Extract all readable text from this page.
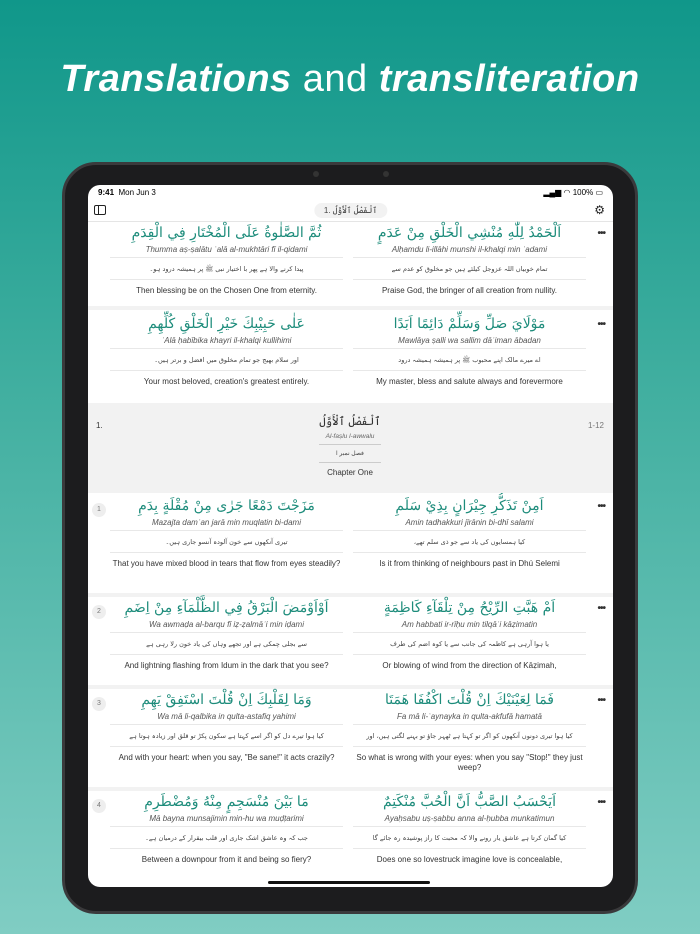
Translations and transliteration
9:41 Mon Jun 3	▂▄▆ ◠ 100% ▭
ٱلْفَصْلُ ٱلْأَوَّلُ .1	⚙
ثُمَّ الصَّلٰوةُ عَلَى الْمُخْتَارِ فِي الْقِدَمِ
Thumma aṣ-ṣalātu ʿalā al-mukhtāri fī il-qidami
پیدا کرنے والا ہے پھر با اختیار نبی ﷺ پر ہمیشہ درود ہو۔
Then blessing be on the Chosen One from eternity.
اَلْحَمْدُ لِلّٰهِ مُنْشِي الْخَلْقِ مِنْ عَدَمٍ
Alḥamdu li-illāhi munshi il-khalqi min ʿadami
تمام خوبیاں اللہ عزوجل کیلئے ہیں جو مخلوق کو عدم سے
Praise God, the bringer of all creation from nullity.
•••
عَلٰى حَبِيْبِكَ خَيْرِ الْخَلْقِ كُلِّهِمِ
ʿAlā ḥabībika khayri il-khalqi kullihimi
اور سلام بھیج جو تمام مخلوق میں افضل و برتر ہیں۔
Your most beloved, creation's greatest entirely.
مَوْلَايَ صَلِّ وَسَلِّمْ دَائِمًا اَبَدًا
Mawlāya ṣalli wa sallim dāʾiman ābadan
اے میرے مالک اپنے محبوب ﷺ پر ہمیشہ ہمیشہ درود
My master, bless and salute always and forevermore
•••
1	مَزَجْتَ دَمْعًا جَرٰى مِنْ مُقْلَةٍ بِدَمِ
Mazajta damʿan jarā min muqlatin bi-dami
تیری آنکھوں سے خون آلودہ آنسو جاری ہیں۔
That you have mixed blood in tears that flow from eyes steadily?
اَمِنْ تَذَكُّرِ جِيْرَانٍ بِذِيْ سَلَمِ
Amin tadhakkuri jīrānin bi-dhī salami
کیا ہمسایوں کی یاد سے جو ذی سلم تھے،
Is it from thinking of neighbours past in Dhú Selemi
•••
2	اَوْاَوْمَضَ الْبَرْقُ فِي الظَّلْمَآءِ مِنْ اِضَمِ
Wa awmaḍa al-barqu fī iẓ-ẓalmāʾi min iḍami
سے بجلی چمکی ہے اور تجھے وہاں کی یاد خون رلا رہی ہے
And lightning flashing from Idum in the dark that you see?
اَمْ هَبَّتِ الرِّيْحُ مِنْ تِلْقَآءِ كَاظِمَةٍ
Am habbati ir-rīḥu min tilqāʾi kāẓimatin
یا ہوا آرہی ہے کاظمہ کی جانب سے یا کوہ اضم کی طرف
Or blowing of wind from the direction of Kāẓimah,
•••
3	وَمَا لِقَلْبِكَ اِنْ قُلْتَ اسْتَفِقْ يَهِمِ
Wa mā li-qalbika in qulta-astafiq yahimi
کیا ہوا تیرے دل کو اگر اسے کہتا ہے سکون پکڑ تو قلق اور زیادہ ہوتا ہے
And with your heart: when you say, "Be sane!" it acts crazily?
فَمَا لِعَيْنَيْكَ اِنْ قُلْتَ اكْفُفَا هَمَتَا
Fa mā li-ʿaynayka in qulta-akfufā hamatā
کیا ہوا تیری دونوں آنکھوں کو اگر تو کہتا ہے ٹھہر جاؤ تو بہنے لگتی ہیں، اور
So what is wrong with your eyes: when you say "Stop!" they just weep?
•••
4	مَا بَيْنَ مُنْسَجِمٍ مِنْهُ وَمُضْطَرِمِ
Mā bayna munsajimin min-hu wa muḍṭarimi
جب کہ وہ عاشق اشک جاری اور قلب بیقرار کے درمیان ہے۔
Between a downpour from it and being so fiery?
اَيَحْسَبُ الصَّبُّ اَنَّ الْحُبَّ مُنْكَتِمٌ
Ayaḥsabu uṣ-ṣabbu anna al-ḥubba munkatimun
کیا گمان کرتا ہے عاشق یار رونے والا کہ محبت کا راز پوشیدہ رہ جائے گا
Does one so lovestruck imagine love is concealable,
•••
1.	1-12
ٱلْفَصْلُ ٱلْأَوَّلُ
Al-faṣlu l-awwalu
فصل نمبر ا
Chapter One
